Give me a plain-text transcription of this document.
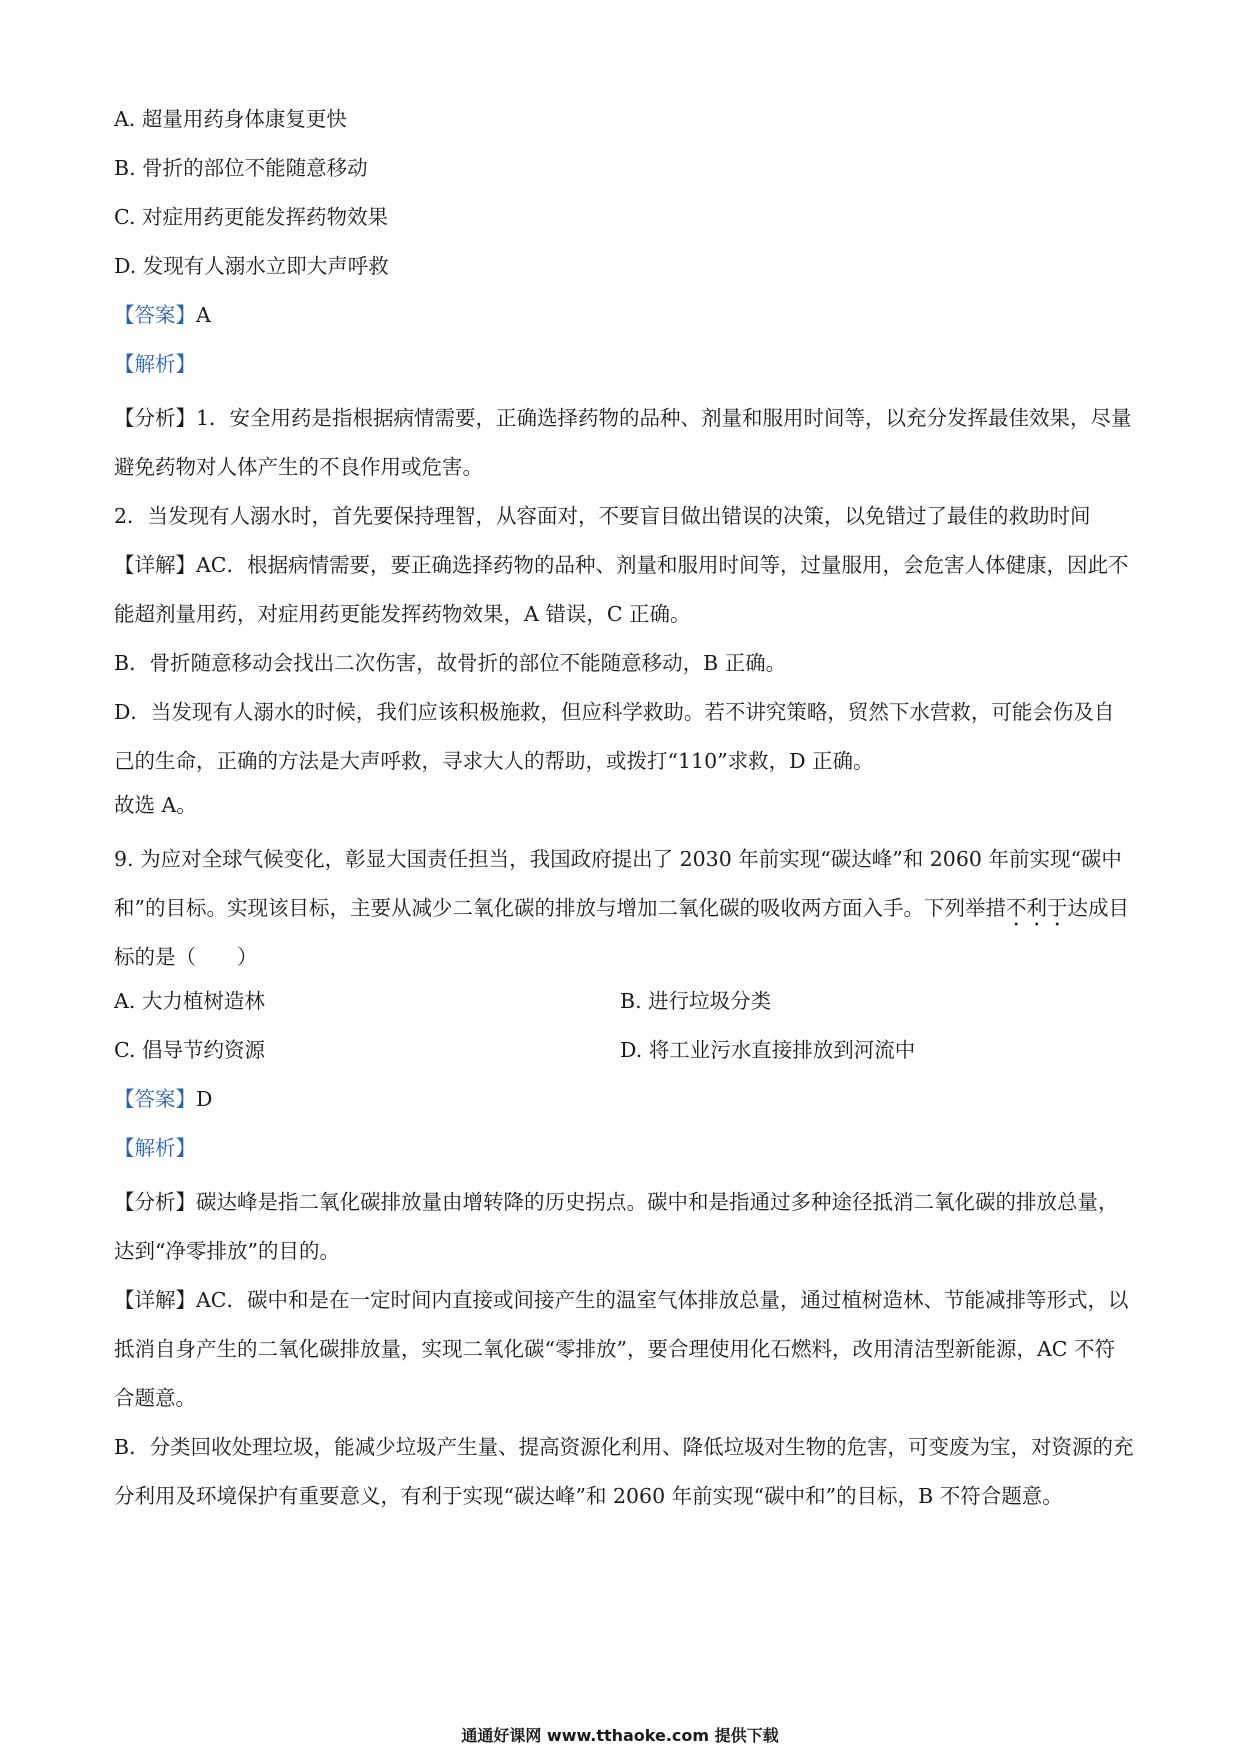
A. 超量用药身体康复更快
B. 骨折的部位不能随意移动
C. 对症用药更能发挥药物效果
D. 发现有人溺水立即大声呼救
【答案】A
【解析】
【分析】1．安全用药是指根据病情需要，正确选择药物的品种、剂量和服用时间等，以充分发挥最佳效果，尽量避免药物对人体产生的不良作用或危害。
2．当发现有人溺水时，首先要保持理智，从容面对，不要盲目做出错误的决策，以免错过了最佳的救助时间
【详解】AC．根据病情需要，要正确选择药物的品种、剂量和服用时间等，过量服用，会危害人体健康，因此不能超剂量用药，对症用药更能发挥药物效果，A 错误，C 正确。
B．骨折随意移动会找出二次伤害，故骨折的部位不能随意移动，B 正确。
D．当发现有人溺水的时候，我们应该积极施救，但应科学救助。若不讲究策略，贸然下水营救，可能会伤及自己的生命，正确的方法是大声呼救，寻求大人的帮助，或拨打“110”求救，D 正确。
故选 A。
9. 为应对全球气候变化，彰显大国责任担当，我国政府提出了 2030 年前实现“碳达峰”和 2060 年前实现“碳中和”的目标。实现该目标，主要从减少二氧化碳的排放与增加二氧化碳的吸收两方面入手。下列举措不利于达成目标的是（　　）
A. 大力植树造林	B. 进行垃圾分类
C. 倡导节约资源	D. 将工业污水直接排放到河流中
【答案】D
【解析】
【分析】碳达峰是指二氧化碳排放量由增转降的历史拐点。碳中和是指通过多种途径抵消二氧化碳的排放总量，达到“净零排放”的目的。
【详解】AC．碳中和是在一定时间内直接或间接产生的温室气体排放总量，通过植树造林、节能减排等形式，以抵消自身产生的二氧化碳排放量，实现二氧化碳“零排放”，要合理使用化石燃料，改用清洁型新能源，AC 不符合题意。
B．分类回收处理垃圾，能减少垃圾产生量、提高资源化利用、降低垃圾对生物的危害，可变废为宝，对资源的充分利用及环境保护有重要意义，有利于实现“碳达峰”和 2060 年前实现“碳中和”的目标，B 不符合题意。
通通好课网 www.tthaoke.com 提供下载
